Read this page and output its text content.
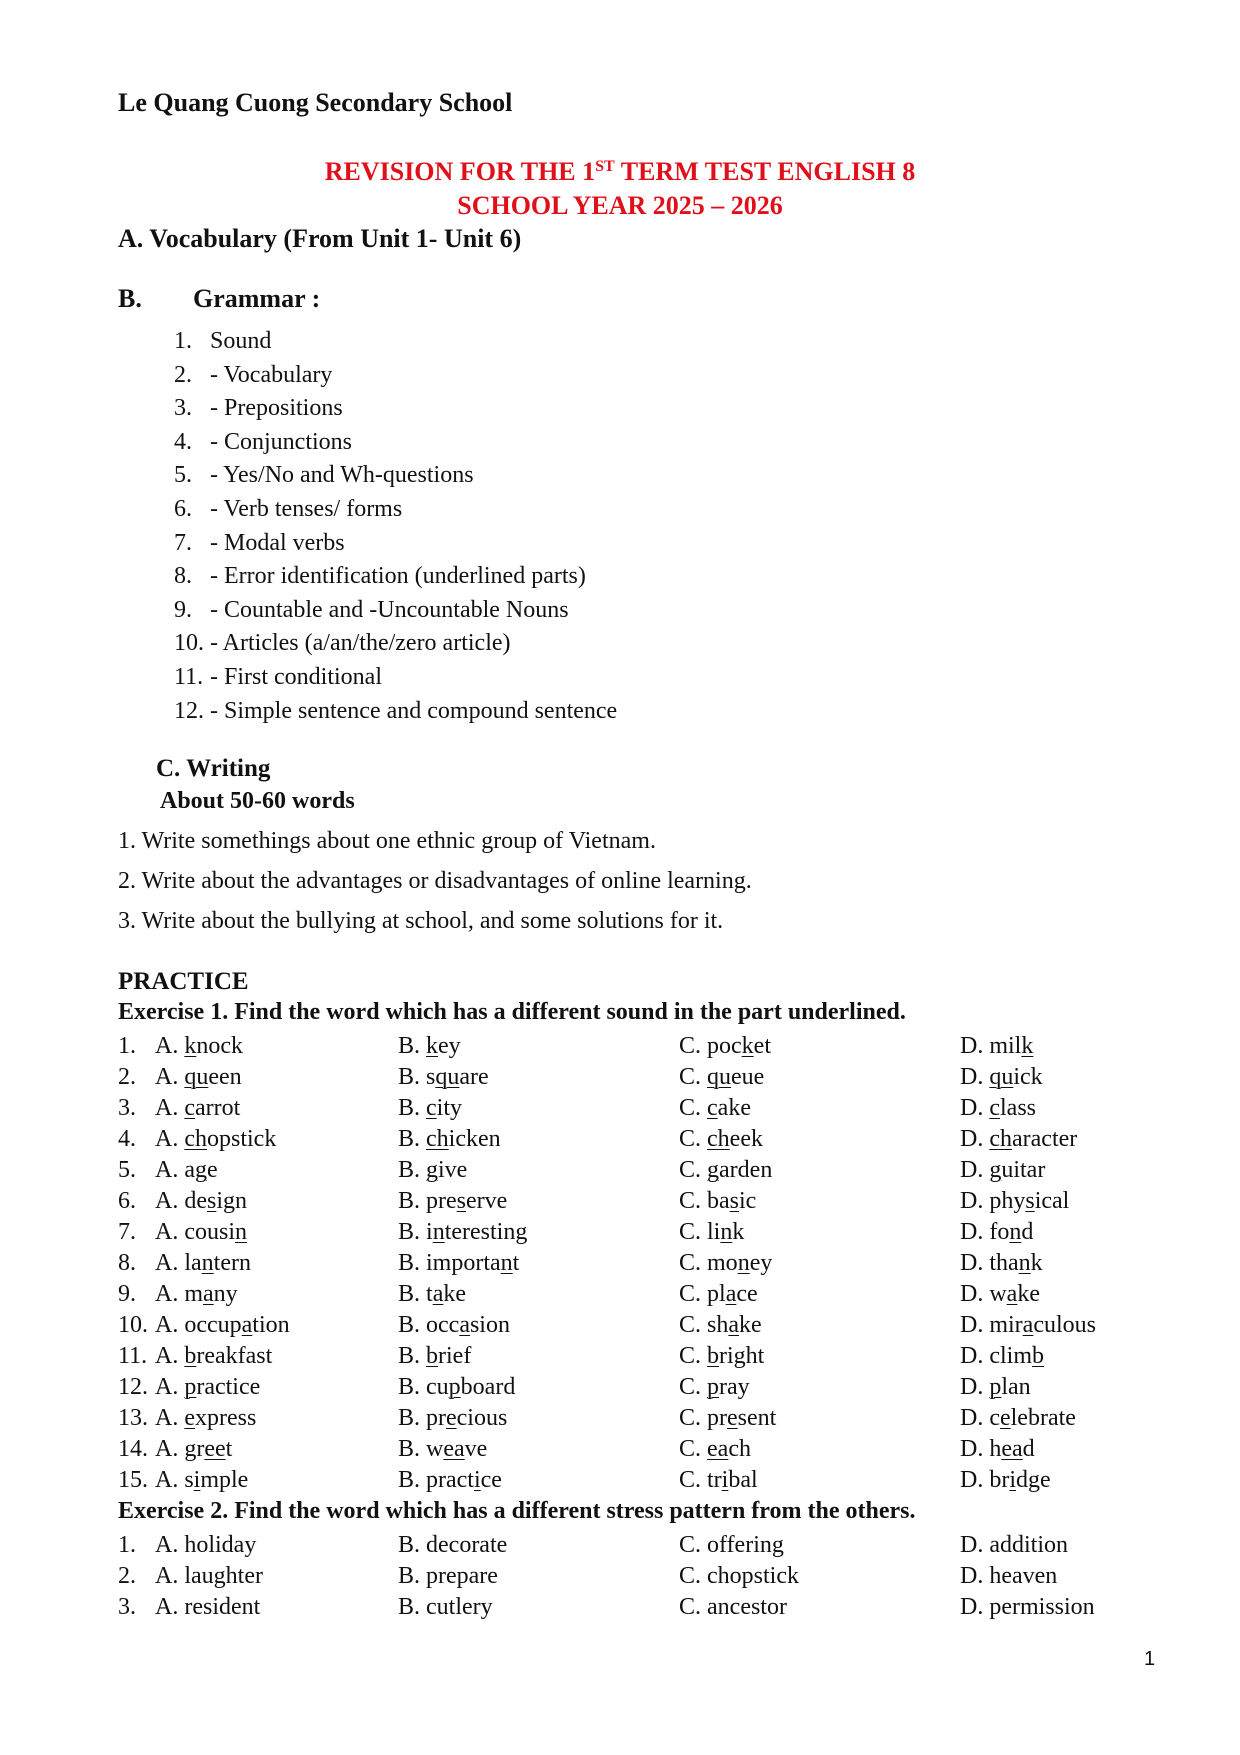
Le Quang Cuong Secondary School
REVISION FOR THE 1ST TERM TEST ENGLISH 8
SCHOOL YEAR 2025 – 2026
A. Vocabulary (From Unit 1- Unit 6)
B. Grammar :
1. Sound
2. - Vocabulary
3. - Prepositions
4. - Conjunctions
5. - Yes/No and Wh-questions
6. - Verb tenses/ forms
7. - Modal verbs
8. - Error identification (underlined parts)
9. - Countable and -Uncountable Nouns
10. - Articles (a/an/the/zero article)
11. - First conditional
12. - Simple sentence and compound sentence
C. Writing
About 50-60 words
1. Write somethings about one ethnic group of Vietnam.
2. Write about the advantages or disadvantages of online learning.
3. Write about the bullying at school, and some solutions for it.
PRACTICE
Exercise 1. Find the word which has a different sound in the part underlined.
1. A. knock	B. key	C. pocket	D. milk
2. A. queen	B. square	C. queue	D. quick
3. A. carrot	B. city	C. cake	D. class
4. A. chopstick	B. chicken	C. cheek	D. character
5. A. age	B. give	C. garden	D. guitar
6. A. design	B. preserve	C. basic	D. physical
7. A. cousin	B. interesting	C. link	D. fond
8. A. lantern	B. important	C. money	D. thank
9. A. many	B. take	C. place	D. wake
10. A. occupation	B. occasion	C. shake	D. miraculous
11. A. breakfast	B. brief	C. bright	D. climb
12. A. practice	B. cupboard	C. pray	D. plan
13. A. express	B. precious	C. present	D. celebrate
14. A. greet	B. weave	C. each	D. head
15. A. simple	B. practice	C. tribal	D. bridge
Exercise 2. Find the word which has a different stress pattern from the others.
1. A. holiday	B. decorate	C. offering	D. addition
2. A. laughter	B. prepare	C. chopstick	D. heaven
3. A. resident	B. cutlery	C. ancestor	D. permission
1
